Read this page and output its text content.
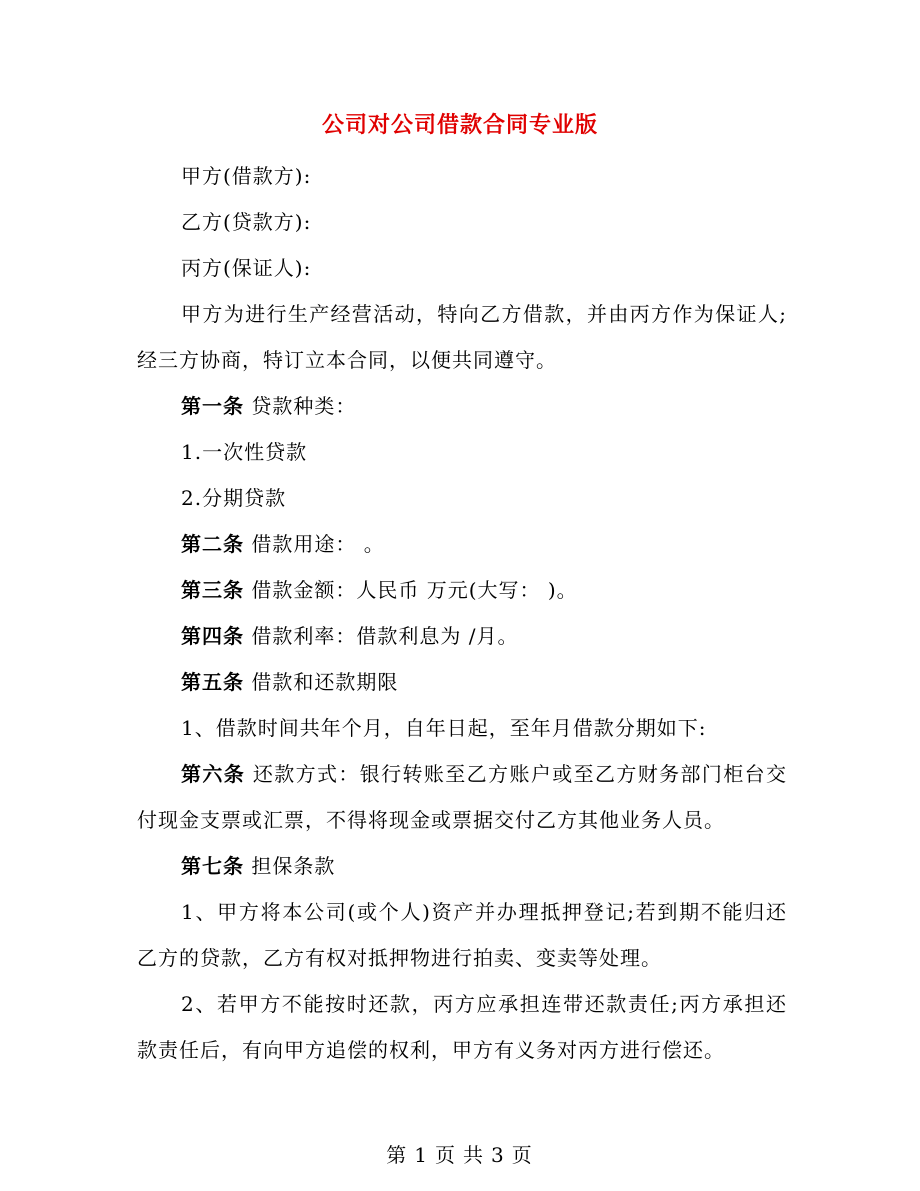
公司对公司借款合同专业版

甲方(借款方):

乙方(贷款方):

丙方(保证人):

甲方为进行生产经营活动，特向乙方借款，并由丙方作为保证人;经三方协商，特订立本合同，以便共同遵守。

第一条 贷款种类：

1.一次性贷款

2.分期贷款

第二条 借款用途： 。

第三条 借款金额：人民币 万元(大写： )。

第四条 借款利率：借款利息为 /月。

第五条 借款和还款期限

1、借款时间共年个月，自年日起，至年月借款分期如下:

第六条 还款方式：银行转账至乙方账户或至乙方财务部门柜台交付现金支票或汇票，不得将现金或票据交付乙方其他业务人员。

第七条 担保条款

1、甲方将本公司(或个人)资产并办理抵押登记;若到期不能归还乙方的贷款，乙方有权对抵押物进行拍卖、变卖等处理。

2、若甲方不能按时还款，丙方应承担连带还款责任;丙方承担还款责任后，有向甲方追偿的权利，甲方有义务对丙方进行偿还。

第 1 页 共 3 页
